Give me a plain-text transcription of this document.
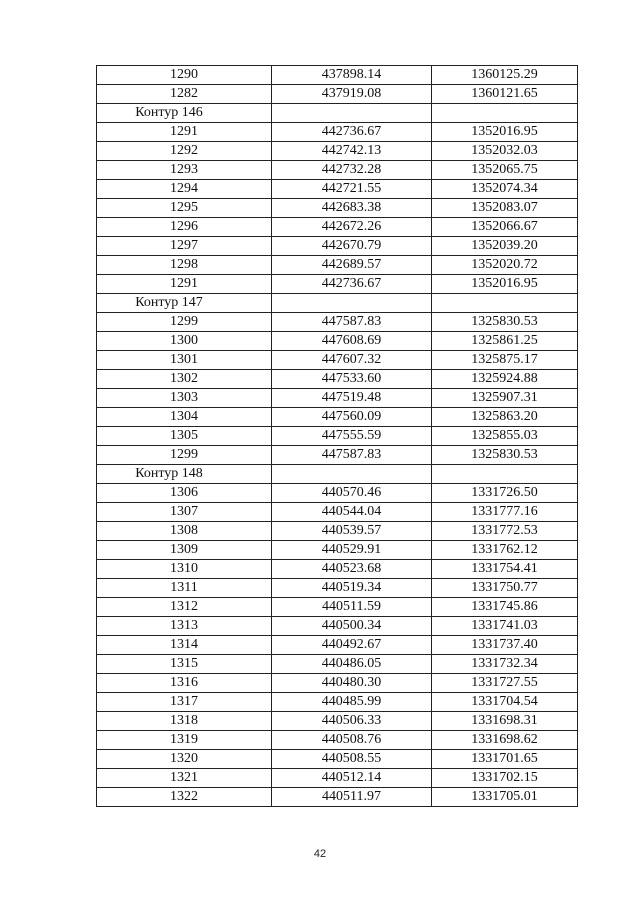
1290	437898.14	1360125.29
1282	437919.08	1360121.65
Контур 146		
1291	442736.67	1352016.95
1292	442742.13	1352032.03
1293	442732.28	1352065.75
1294	442721.55	1352074.34
1295	442683.38	1352083.07
1296	442672.26	1352066.67
1297	442670.79	1352039.20
1298	442689.57	1352020.72
1291	442736.67	1352016.95
Контур 147		
1299	447587.83	1325830.53
1300	447608.69	1325861.25
1301	447607.32	1325875.17
1302	447533.60	1325924.88
1303	447519.48	1325907.31
1304	447560.09	1325863.20
1305	447555.59	1325855.03
1299	447587.83	1325830.53
Контур 148		
1306	440570.46	1331726.50
1307	440544.04	1331777.16
1308	440539.57	1331772.53
1309	440529.91	1331762.12
1310	440523.68	1331754.41
1311	440519.34	1331750.77
1312	440511.59	1331745.86
1313	440500.34	1331741.03
1314	440492.67	1331737.40
1315	440486.05	1331732.34
1316	440480.30	1331727.55
1317	440485.99	1331704.54
1318	440506.33	1331698.31
1319	440508.76	1331698.62
1320	440508.55	1331701.65
1321	440512.14	1331702.15
1322	440511.97	1331705.01
42
